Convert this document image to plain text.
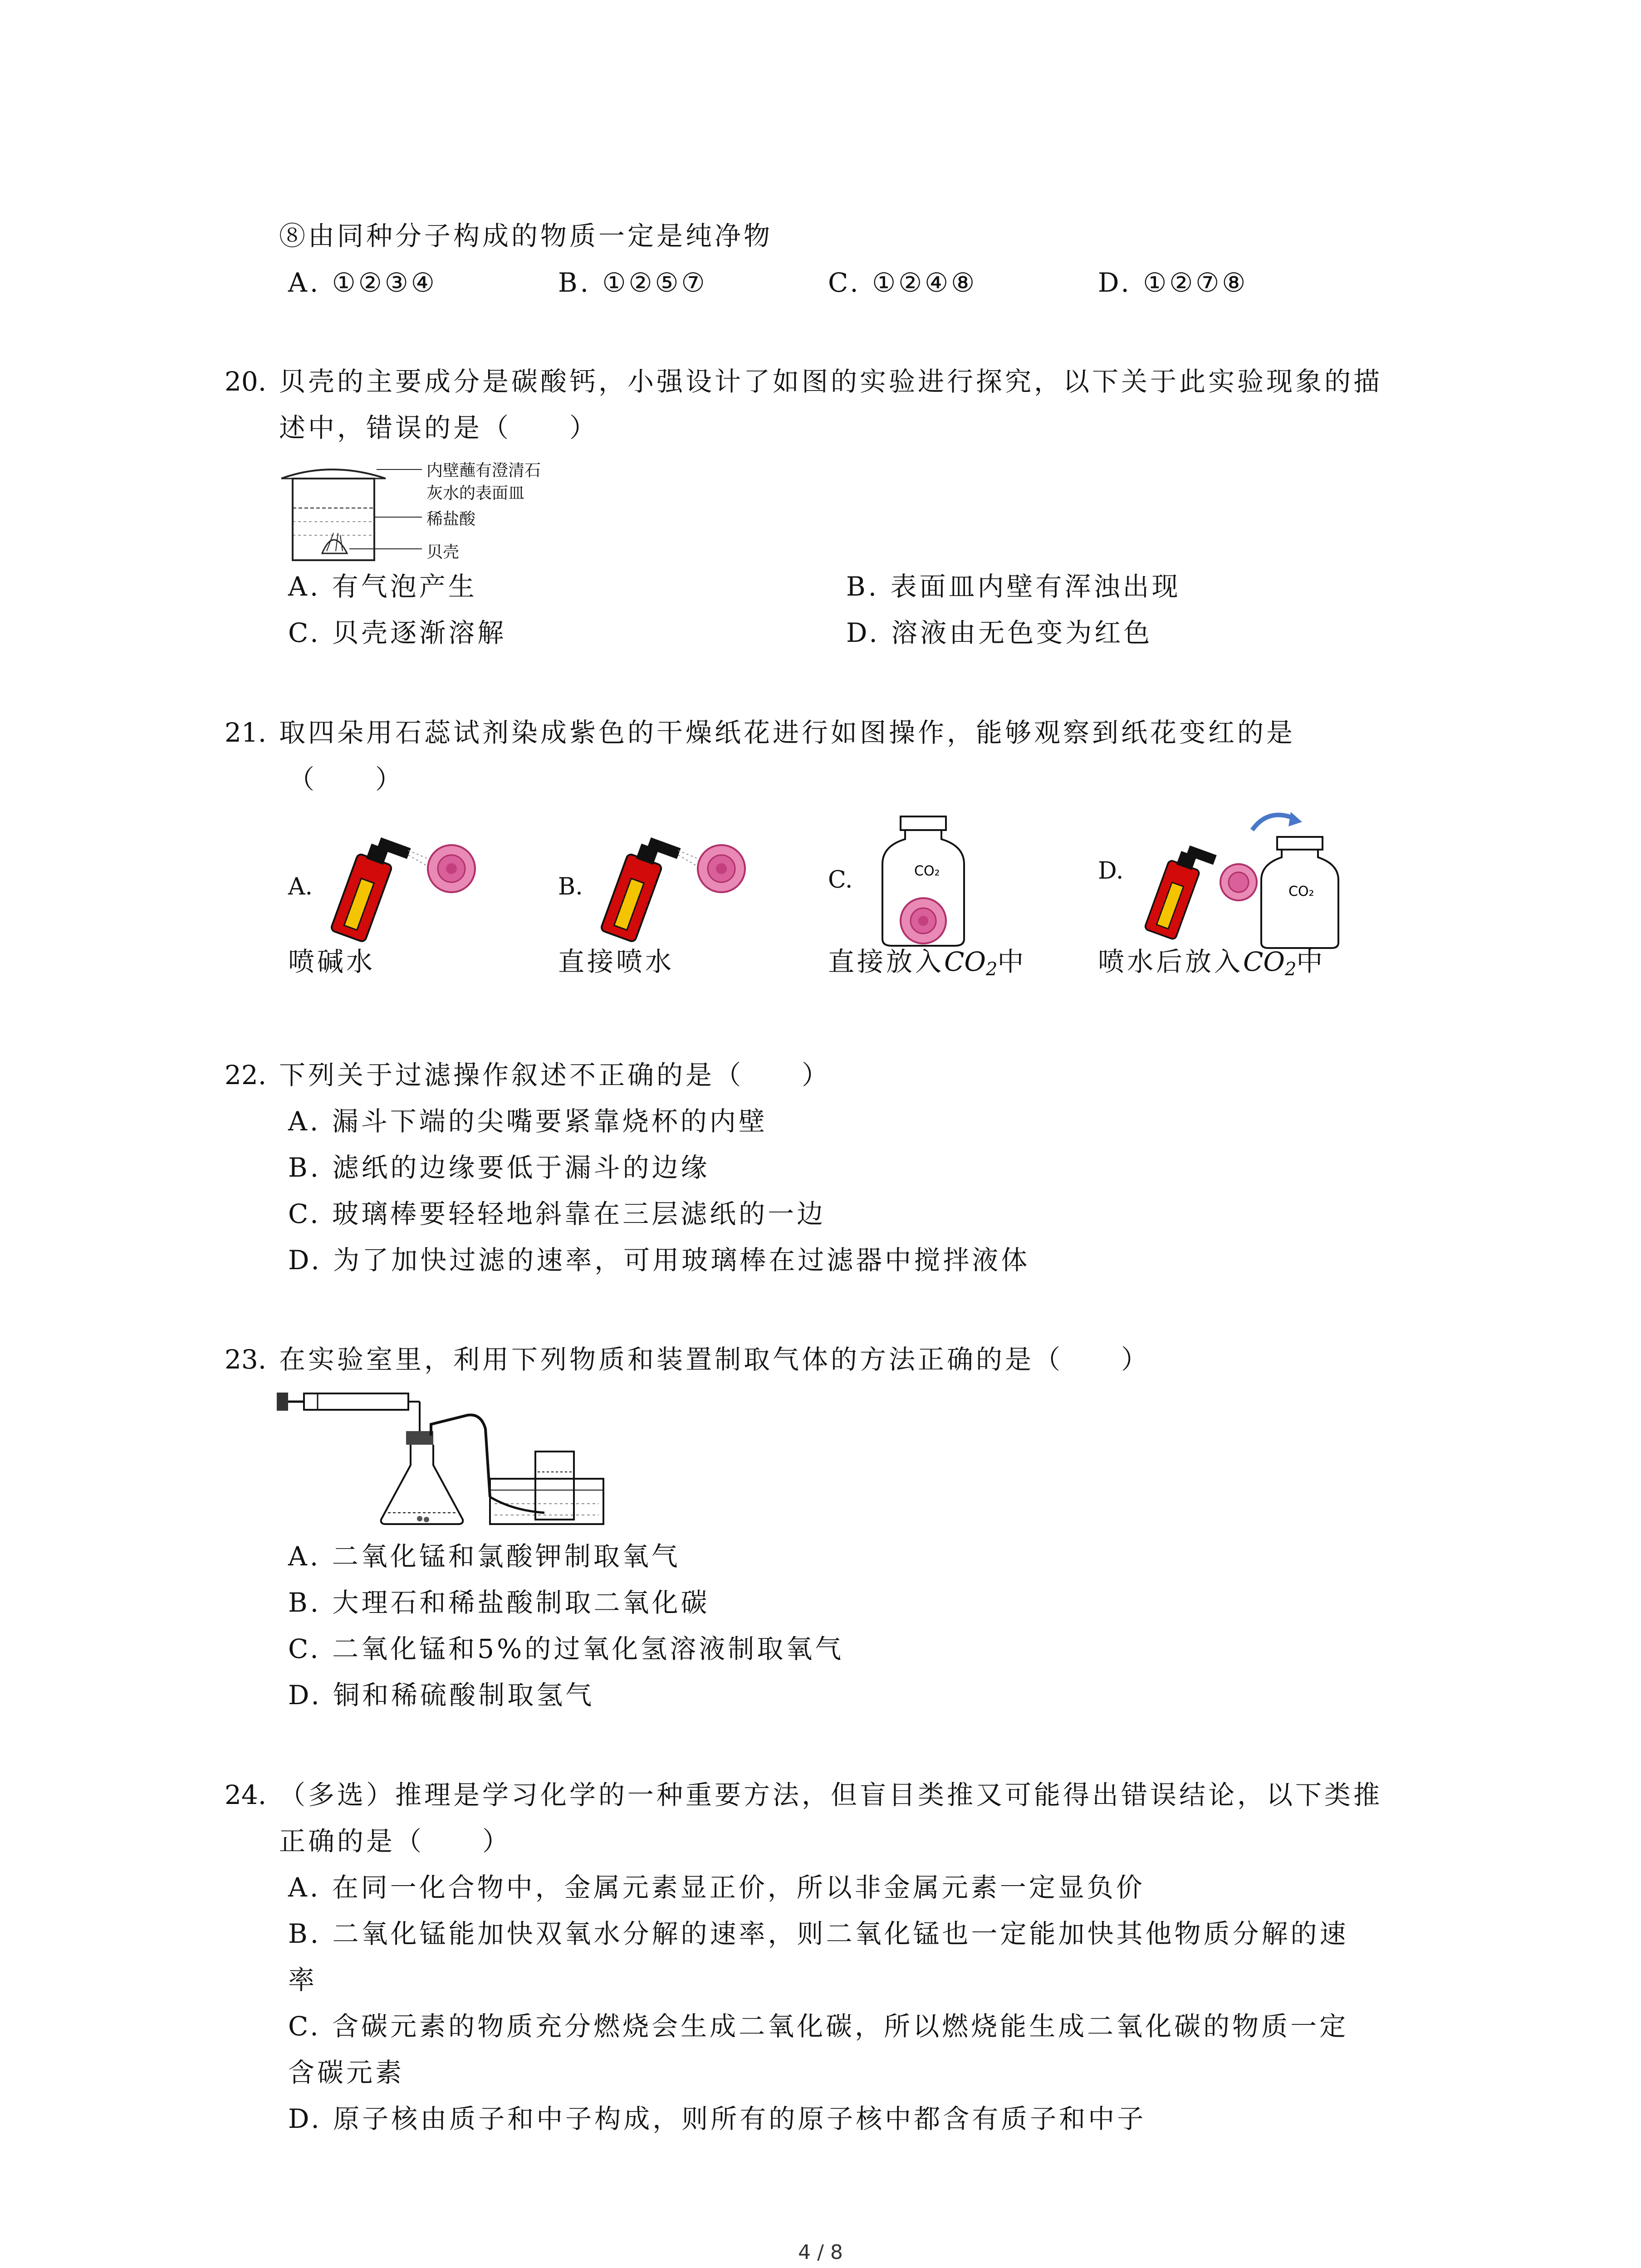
⑧由同种分子构成的物质一定是纯净物
A. ①②③④	B. ①②⑤⑦	C. ①②④⑧	D. ①②⑦⑧
20. 贝壳的主要成分是碳酸钙，小强设计了如图的实验进行探究，以下关于此实验现象的描
述中，错误的是（　　）
内壁蘸有澄清石
灰水的表面皿
稀盐酸
贝壳
A. 有气泡产生	B. 表面皿内壁有浑浊出现
C. 贝壳逐渐溶解	D. 溶液由无色变为红色
21. 取四朵用石蕊试剂染成紫色的干燥纸花进行如图操作，能够观察到纸花变红的是
（　　）
A.	B.	C.	CO₂	D.
CO₂
喷碱水	直接喷水	直接放入$CO_2$中	喷水后放入$CO_2$中
22. 下列关于过滤操作叙述不正确的是（　　）
A. 漏斗下端的尖嘴要紧靠烧杯的内壁
B. 滤纸的边缘要低于漏斗的边缘
C. 玻璃棒要轻轻地斜靠在三层滤纸的一边
D. 为了加快过滤的速率，可用玻璃棒在过滤器中搅拌液体
23. 在实验室里，利用下列物质和装置制取气体的方法正确的是（　　）
A. 二氧化锰和氯酸钾制取氧气
B. 大理石和稀盐酸制取二氧化碳
C. 二氧化锰和5%的过氧化氢溶液制取氧气
D. 铜和稀硫酸制取氢气
24. （多选）推理是学习化学的一种重要方法，但盲目类推又可能得出错误结论，以下类推
正确的是（　　）
A. 在同一化合物中，金属元素显正价，所以非金属元素一定显负价
B. 二氧化锰能加快双氧水分解的速率，则二氧化锰也一定能加快其他物质分解的速
率
C. 含碳元素的物质充分燃烧会生成二氧化碳，所以燃烧能生成二氧化碳的物质一定
含碳元素
D. 原子核由质子和中子构成，则所有的原子核中都含有质子和中子
4 / 8
